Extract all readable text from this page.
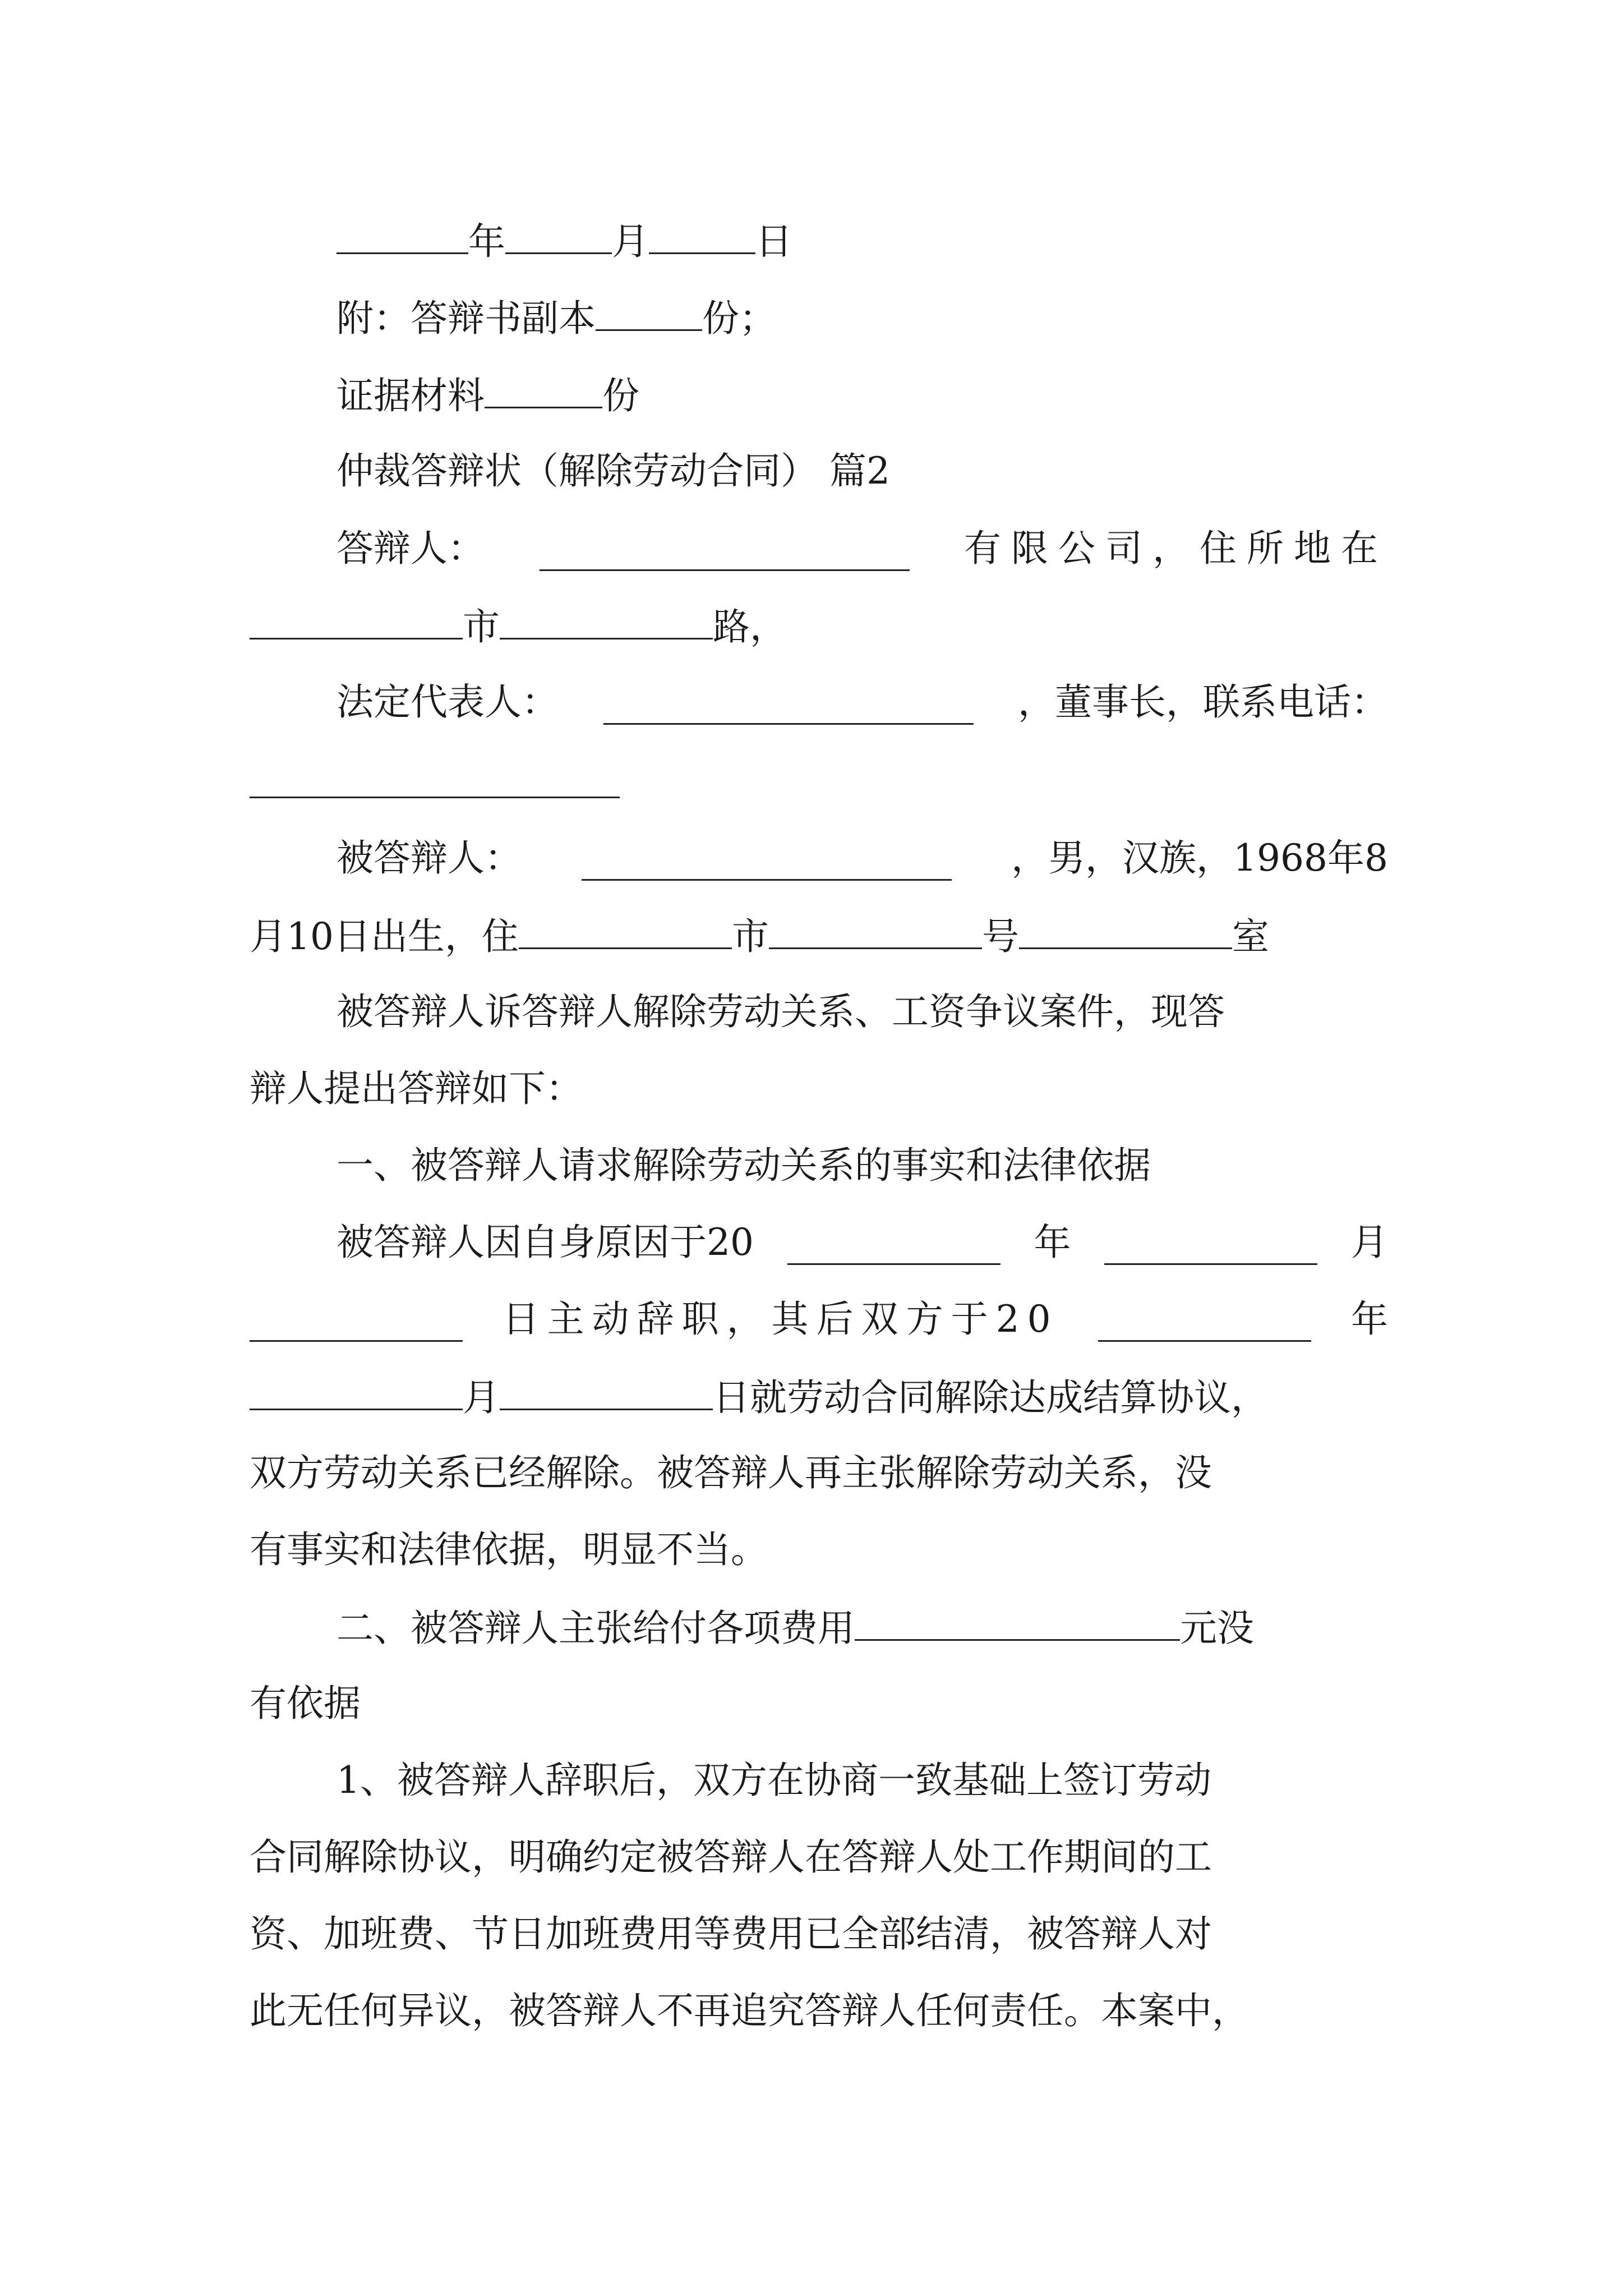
年	月	日
附：答辩书副本	份；
证据材料	份
仲裁答辩状（解除劳动合同） 篇2
答辩人：	有限公司，住所地在
市	路，
法定代表人：	，董事长，联系电话：
被答辩人：	，男，汉族，1968年8
月10日出生，住	市	号	室
被答辩人诉答辩人解除劳动关系、工资争议案件，现答
辩人提出答辩如下：
一、被答辩人请求解除劳动关系的事实和法律依据
被答辩人因自身原因于20	年	月
日主动辞职，其后双方于20	年
月	日就劳动合同解除达成结算协议，
双方劳动关系已经解除。被答辩人再主张解除劳动关系，没
有事实和法律依据，明显不当。
二、被答辩人主张给付各项费用	元没
有依据
1、被答辩人辞职后，双方在协商一致基础上签订劳动
合同解除协议，明确约定被答辩人在答辩人处工作期间的工
资、加班费、节日加班费用等费用已全部结清，被答辩人对
此无任何异议，被答辩人不再追究答辩人任何责任。本案中，
